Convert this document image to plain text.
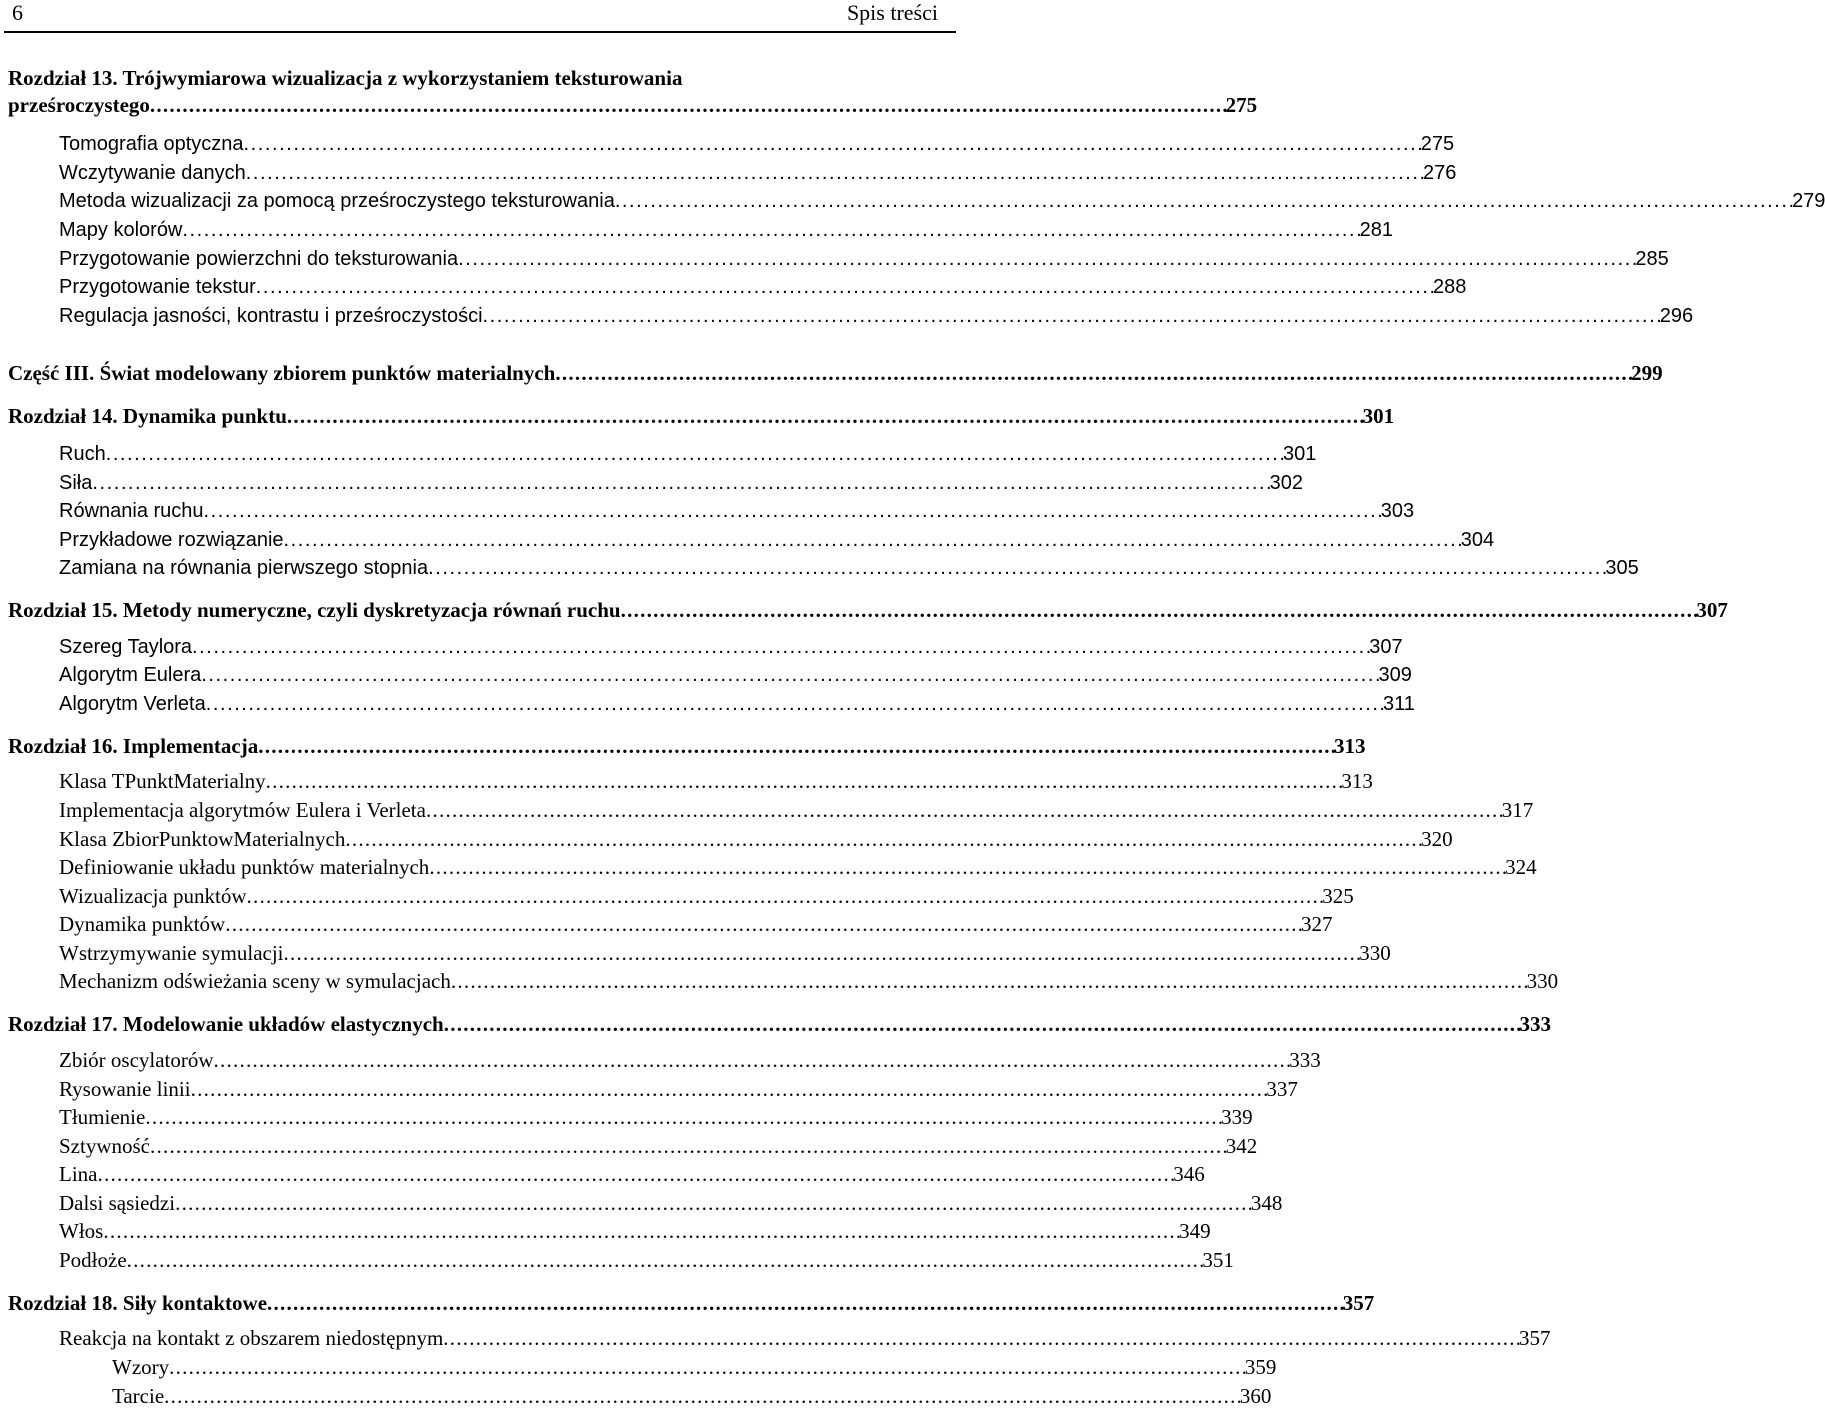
6	Spis treści
Rozdział 13. Trójwymiarowa wizualizacja z wykorzystaniem teksturowania
prześroczystego . . .	275
Tomografia optyczna . . .	275
Wczytywanie danych . . .	276
Metoda wizualizacji za pomocą prześroczystego teksturowania . . .	279
Mapy kolorów . . .	281
Przygotowanie powierzchni do teksturowania . . .	285
Przygotowanie tekstur . . .	288
Regulacja jasności, kontrastu i prześroczystości . . .	296
Część III. Świat modelowany zbiorem punktów materialnych . . .	299
Rozdział 14. Dynamika punktu . . .	301
Ruch . . .	301
Siła . . .	302
Równania ruchu . . .	303
Przykładowe rozwiązanie . . .	304
Zamiana na równania pierwszego stopnia . . .	305
Rozdział 15. Metody numeryczne, czyli dyskretyzacja równań ruchu . . .	307
Szereg Taylora . . .	307
Algorytm Eulera . . .	309
Algorytm Verleta . . .	311
Rozdział 16. Implementacja . . .	313
Klasa TPunktMaterialny . . .	313
Implementacja algorytmów Eulera i Verleta . . .	317
Klasa ZbiorPunktowMaterialnych . . .	320
Definiowanie układu punktów materialnych . . .	324
Wizualizacja punktów . . .	325
Dynamika punktów . . .	327
Wstrzymywanie symulacji . . .	330
Mechanizm odświeżania sceny w symulacjach . . .	330
Rozdział 17. Modelowanie układów elastycznych . . .	333
Zbiór oscylatorów . . .	333
Rysowanie linii . . .	337
Tłumienie . . .	339
Sztywność . . .	342
Lina . . .	346
Dalsi sąsiedzi . . .	348
Włos . . .	349
Podłoże . . .	351
Rozdział 18. Siły kontaktowe . . .	357
Reakcja na kontakt z obszarem niedostępnym . . .	357
Wzory . . .	359
Tarcie . . .	360
